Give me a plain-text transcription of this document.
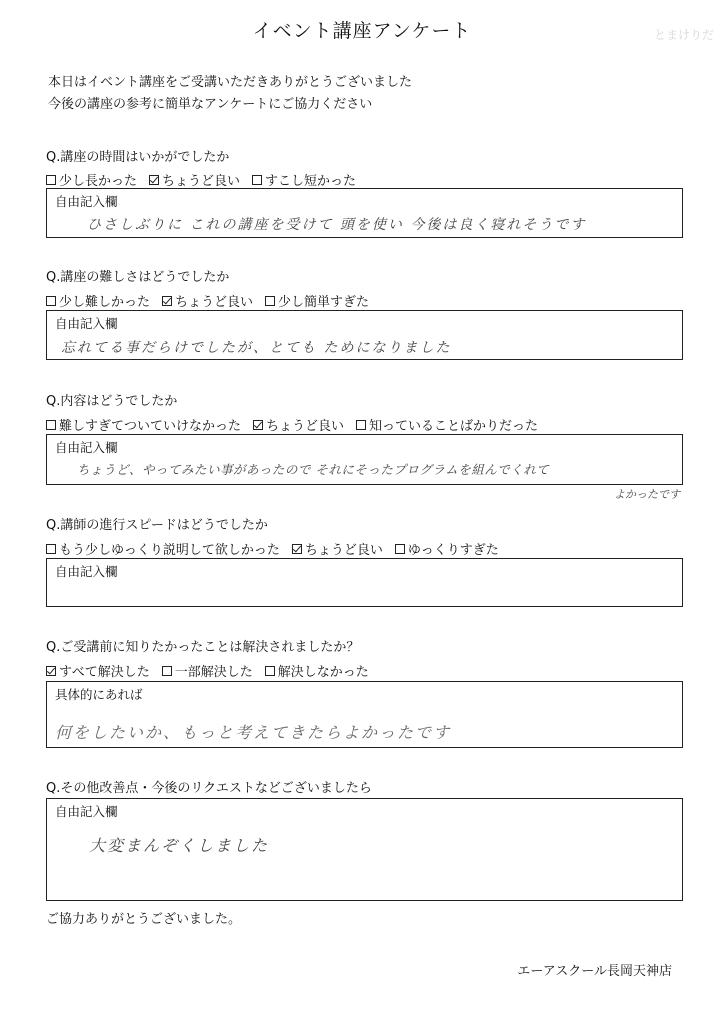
イベント講座アンケート	とまけりだ
本日はイベント講座をご受講いただきありがとうございました
今後の講座の参考に簡単なアンケートにご協力ください
Q.講座の時間はいかがでしたか
少し長かった ちょうど良い すこし短かった
自由記入欄
ひさしぶりに これの講座を受けて 頭を使い 今後は良く寝れそうです
Q.講座の難しさはどうでしたか
少し難しかった ちょうど良い 少し簡単すぎた
自由記入欄
忘れてる事だらけでしたが、とても ためになりました
Q.内容はどうでしたか
難しすぎてついていけなかった ちょうど良い 知っていることばかりだった
自由記入欄
ちょうど、やってみたい事があったので それにそったプログラムを組んでくれて
よかったです
Q.講師の進行スピードはどうでしたか
もう少しゆっくり説明して欲しかった ちょうど良い ゆっくりすぎた
自由記入欄
Q.ご受講前に知りたかったことは解決されましたか？
すべて解決した 一部解決した 解決しなかった
具体的にあれば
何をしたいか、もっと考えてきたらよかったです
Q.その他改善点・今後のリクエストなどございましたら
自由記入欄
大変まんぞくしました
ご協力ありがとうございました。
エーアスクール長岡天神店
